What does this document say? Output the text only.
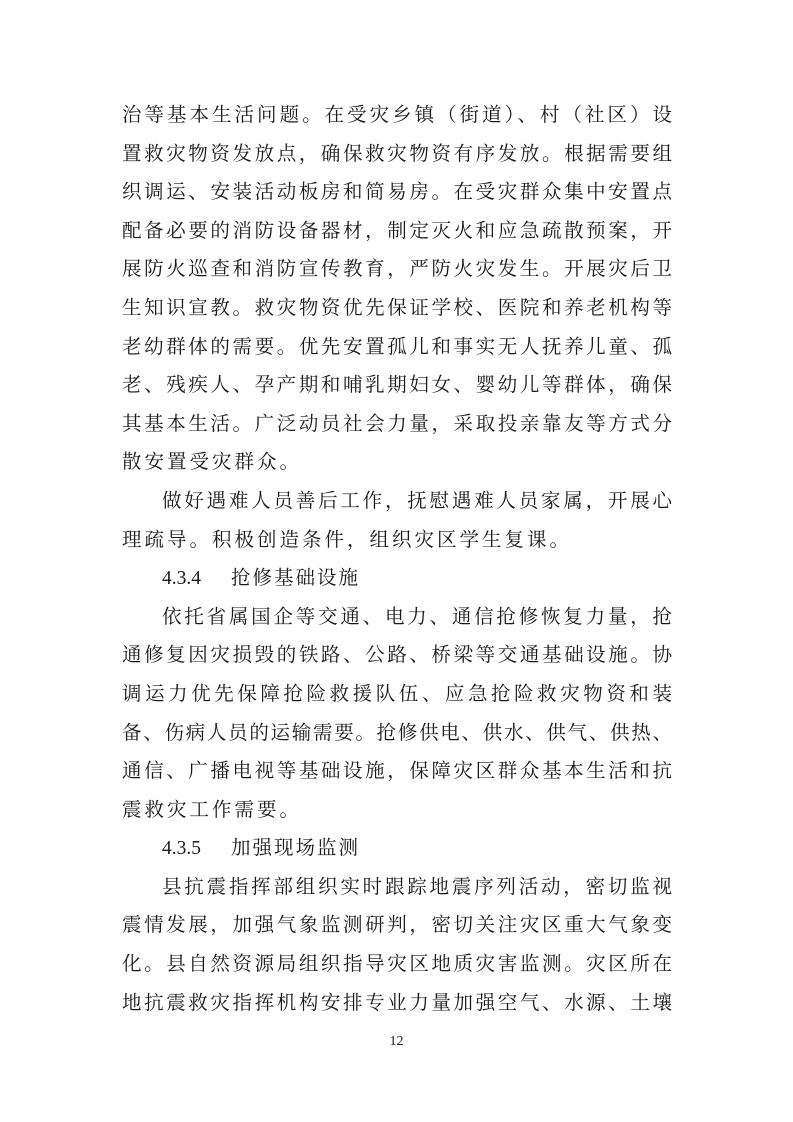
治等基本生活问题。在受灾乡镇（街道）、村（社区）设
置救灾物资发放点，确保救灾物资有序发放。根据需要组
织调运、安装活动板房和简易房。在受灾群众集中安置点
配备必要的消防设备器材，制定灭火和应急疏散预案，开
展防火巡查和消防宣传教育，严防火灾发生。开展灾后卫
生知识宣教。救灾物资优先保证学校、医院和养老机构等
老幼群体的需要。优先安置孤儿和事实无人抚养儿童、孤
老、残疾人、孕产期和哺乳期妇女、婴幼儿等群体，确保
其基本生活。广泛动员社会力量，采取投亲靠友等方式分
散安置受灾群众。
做好遇难人员善后工作，抚慰遇难人员家属，开展心
理疏导。积极创造条件，组织灾区学生复课。
4.3.4 抢修基础设施
依托省属国企等交通、电力、通信抢修恢复力量，抢
通修复因灾损毁的铁路、公路、桥梁等交通基础设施。协
调运力优先保障抢险救援队伍、应急抢险救灾物资和装
备、伤病人员的运输需要。抢修供电、供水、供气、供热、
通信、广播电视等基础设施，保障灾区群众基本生活和抗
震救灾工作需要。
4.3.5 加强现场监测
县抗震指挥部组织实时跟踪地震序列活动，密切监视
震情发展，加强气象监测研判，密切关注灾区重大气象变
化。县自然资源局组织指导灾区地质灾害监测。灾区所在
地抗震救灾指挥机构安排专业力量加强空气、水源、土壤
12
